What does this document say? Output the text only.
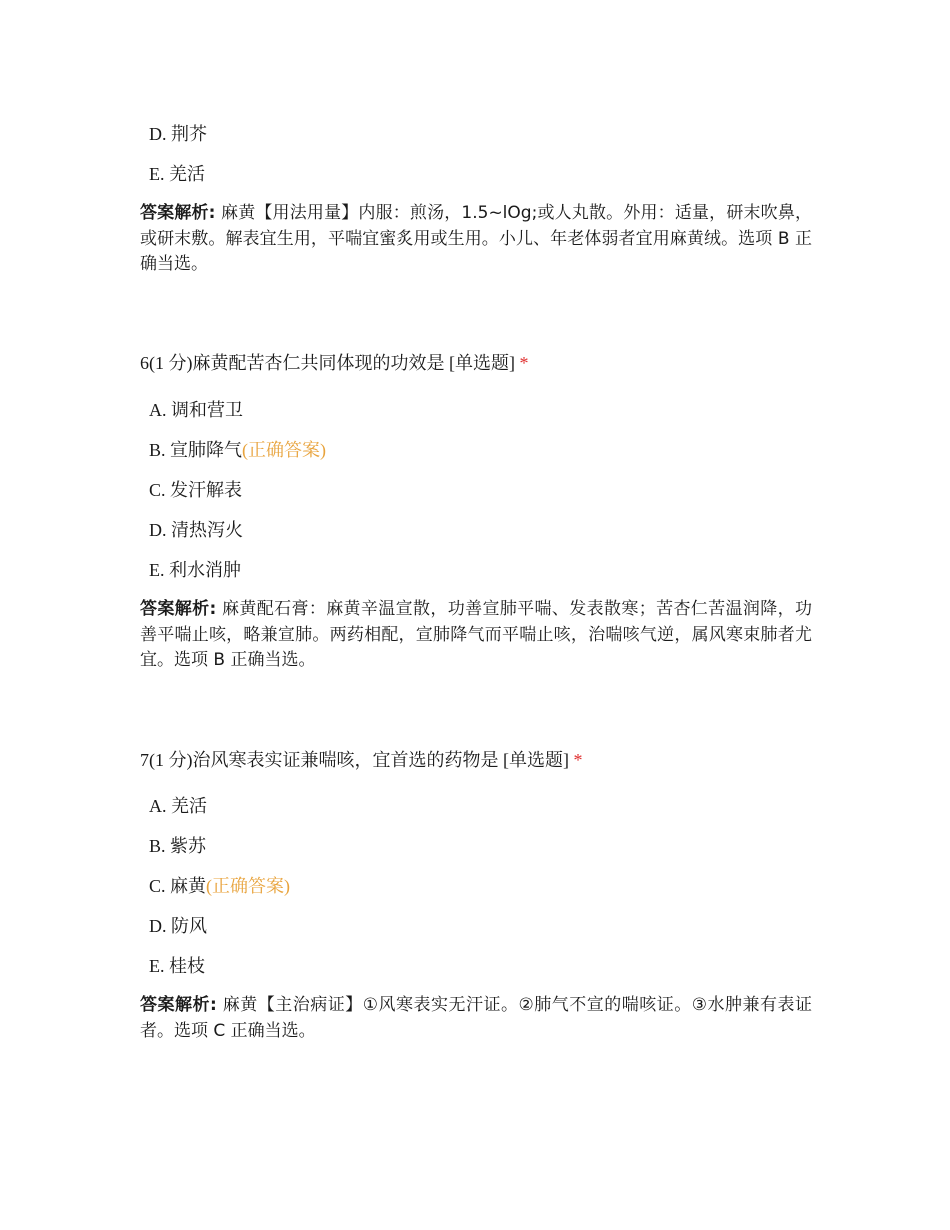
D. 荆芥
E. 羌活
答案解析: 麻黄【用法用量】内服：煎汤，1.5~lOg;或人丸散。外用：适量，研末吹鼻，或研末敷。解表宜生用，平喘宜蜜炙用或生用。小儿、年老体弱者宜用麻黄绒。选项 B 正确当选。
6(1 分)麻黄配苦杏仁共同体现的功效是 [单选题] *
A. 调和营卫
B. 宣肺降气(正确答案)
C. 发汗解表
D. 清热泻火
E. 利水消肿
答案解析: 麻黄配石膏：麻黄辛温宣散，功善宣肺平喘、发表散寒；苦杏仁苦温润降，功善平喘止咳，略兼宣肺。两药相配，宣肺降气而平喘止咳，治喘咳气逆，属风寒束肺者尤宜。选项 B 正确当选。
7(1 分)治风寒表实证兼喘咳，宜首选的药物是 [单选题] *
A. 羌活
B. 紫苏
C. 麻黄(正确答案)
D. 防风
E. 桂枝
答案解析: 麻黄【主治病证】①风寒表实无汗证。②肺气不宣的喘咳证。③水肿兼有表证者。选项 C 正确当选。
